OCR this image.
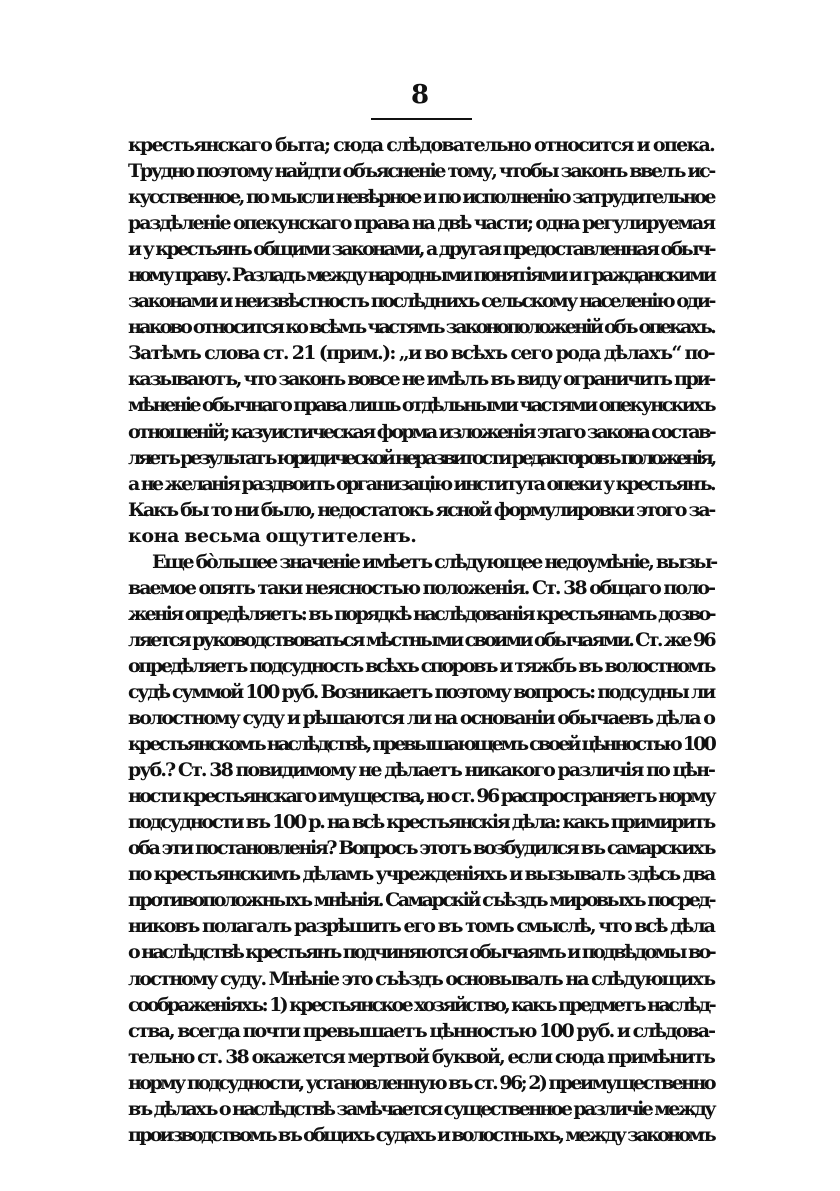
8
крестьянскаго быта; сюда слѣдовательно относится и опека.
Трудно поэтому найдти объясненіе тому, чтобы законъ ввелъ ис-
кусственное, по мысли невѣрное и по исполненію затрудительное
раздѣленіе опекунскаго права на двѣ части; одна регулируемая
и у крестьянъ общими законами, а другая предоставленная обыч-
ному праву. Разладъ между народными понятіями и гражданскими
законами и неизвѣстность послѣднихъ сельскому населенію оди-
наково относится ко всѣмъ частямъ законоположеній объ опекахъ.
Затѣмъ слова ст. 21 (прим.): „и во всѣхъ сего рода дѣлахъ“ по-
казываютъ, что законъ вовсе не имѣлъ въ виду ограничить при-
мѣненіе обычнаго права лишь отдѣльными частями опекунскихъ
отношеній; казуистическая форма изложенія этаго закона состав-
ляетъ результатъ юридической неразвитости редакторовъ положенія,
а не желанія раздвоить организацію института опеки у крестьянъ.
Какъ бы то ни было, недостатокъ ясной формулировки этого за-
кона весьма ощутителенъ.
Еще бо̀льшее значеніе имѣетъ слѣдующее недоумѣніе, вызы-
ваемое опять таки неясностью положенія. Ст. 38 общаго поло-
женія опредѣляетъ: въ порядкѣ наслѣдованія крестьянамъ дозво-
ляется руководствоваться мѣстными своими обычаями. Ст. же 96
опредѣляетъ подсудность всѣхъ споровъ и тяжбъ въ волостномъ
судѣ суммой 100 руб. Возникаетъ поэтому вопросъ: подсудны ли
волостному суду и рѣшаются ли на основаніи обычаевъ дѣла о
крестьянскомъ наслѣдствѣ, превышающемъ своей цѣнностью 100
руб.? Ст. 38 повидимому не дѣлаетъ никакого различія по цѣн-
ности крестьянскаго имущества, но ст. 96 распространяетъ норму
подсудности въ 100 р. на всѣ крестьянскія дѣла: какъ примирить
оба эти постановленія? Вопросъ этотъ возбудился въ самарскихъ
по крестьянскимъ дѣламъ учрежденіяхъ и вызывалъ здѣсь два
противоположныхъ мнѣнія. Самарскій съѣздъ мировыхъ посред-
никовъ полагалъ разрѣшить его въ томъ смыслѣ, что всѣ дѣла
о наслѣдствѣ крестьянъ подчиняются обычаямъ и подвѣдомы во-
лостному суду. Мнѣніе это съѣздъ основывалъ на слѣдующихъ
соображеніяхъ: 1) крестьянское хозяйство, какъ предметъ наслѣд-
ства, всегда почти превышаетъ цѣнностью 100 руб. и слѣдова-
тельно ст. 38 окажется мертвой буквой, если сюда примѣнить
норму подсудности, установленную въ ст. 96; 2) преимущественно
въ дѣлахъ о наслѣдствѣ замѣчается существенное различіе между
производствомъ въ общихъ судахъ и волостныхъ, между закономъ
